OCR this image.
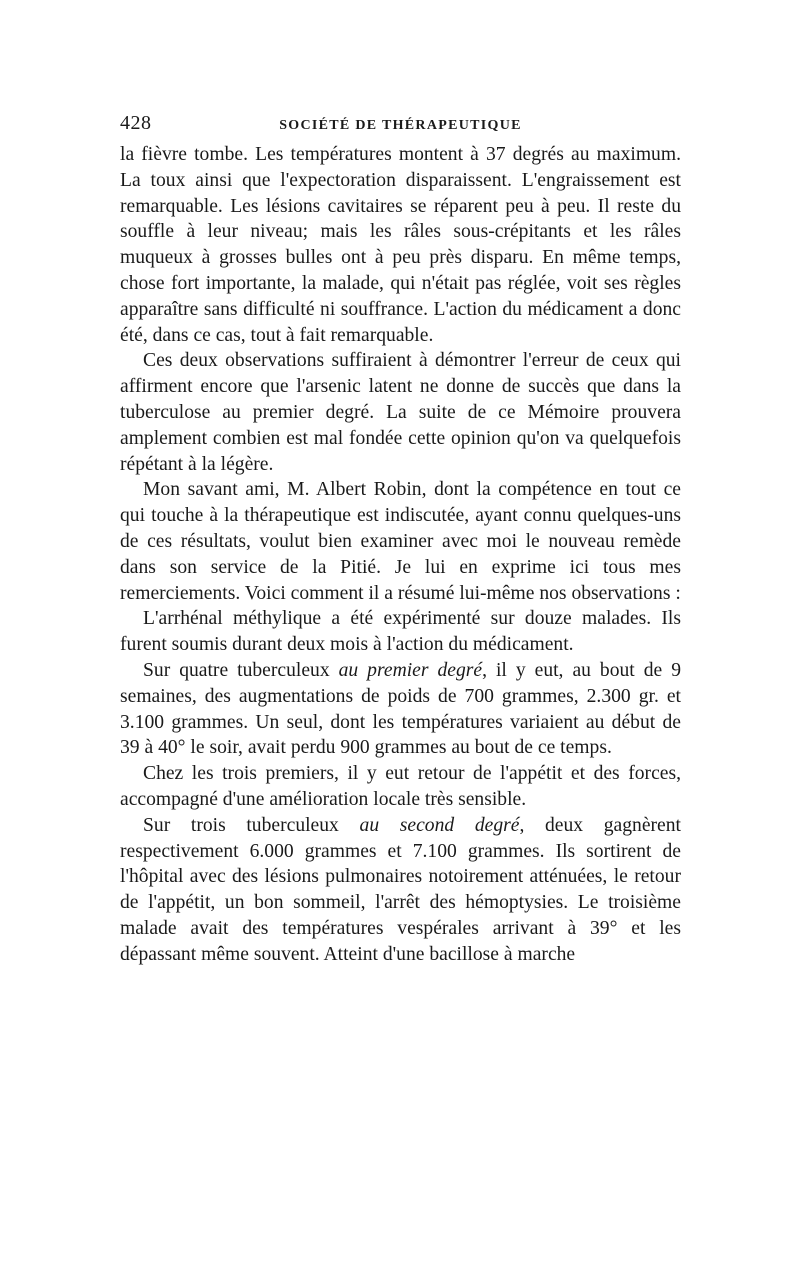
428	SOCIÉTÉ DE THÉRAPEUTIQUE

la fièvre tombe. Les températures montent à 37 degrés au maximum. La toux ainsi que l'expectoration disparaissent. L'engraissement est remarquable. Les lésions cavitaires se réparent peu à peu. Il reste du souffle à leur niveau; mais les râles sous-crépitants et les râles muqueux à grosses bulles ont à peu près disparu. En même temps, chose fort importante, la malade, qui n'était pas réglée, voit ses règles apparaître sans difficulté ni souffrance. L'action du médicament a donc été, dans ce cas, tout à fait remarquable.

Ces deux observations suffiraient à démontrer l'erreur de ceux qui affirment encore que l'arsenic latent ne donne de succès que dans la tuberculose au premier degré. La suite de ce Mémoire prouvera amplement combien est mal fondée cette opinion qu'on va quelquefois répétant à la légère.

Mon savant ami, M. Albert Robin, dont la compétence en tout ce qui touche à la thérapeutique est indiscutée, ayant connu quelques-uns de ces résultats, voulut bien examiner avec moi le nouveau remède dans son service de la Pitié. Je lui en exprime ici tous mes remerciements. Voici comment il a résumé lui-même nos observations :

L'arrhénal méthylique a été expérimenté sur douze malades. Ils furent soumis durant deux mois à l'action du médicament.

Sur quatre tuberculeux au premier degré, il y eut, au bout de 9 semaines, des augmentations de poids de 700 grammes, 2.300 gr. et 3.100 grammes. Un seul, dont les températures variaient au début de 39 à 40° le soir, avait perdu 900 grammes au bout de ce temps.

Chez les trois premiers, il y eut retour de l'appétit et des forces, accompagné d'une amélioration locale très sensible.

Sur trois tuberculeux au second degré, deux gagnèrent respectivement 6.000 grammes et 7.100 grammes. Ils sortirent de l'hôpital avec des lésions pulmonaires notoirement atténuées, le retour de l'appétit, un bon sommeil, l'arrêt des hémoptysies. Le troisième malade avait des températures vespérales arrivant à 39° et les dépassant même souvent. Atteint d'une bacillose à marche
